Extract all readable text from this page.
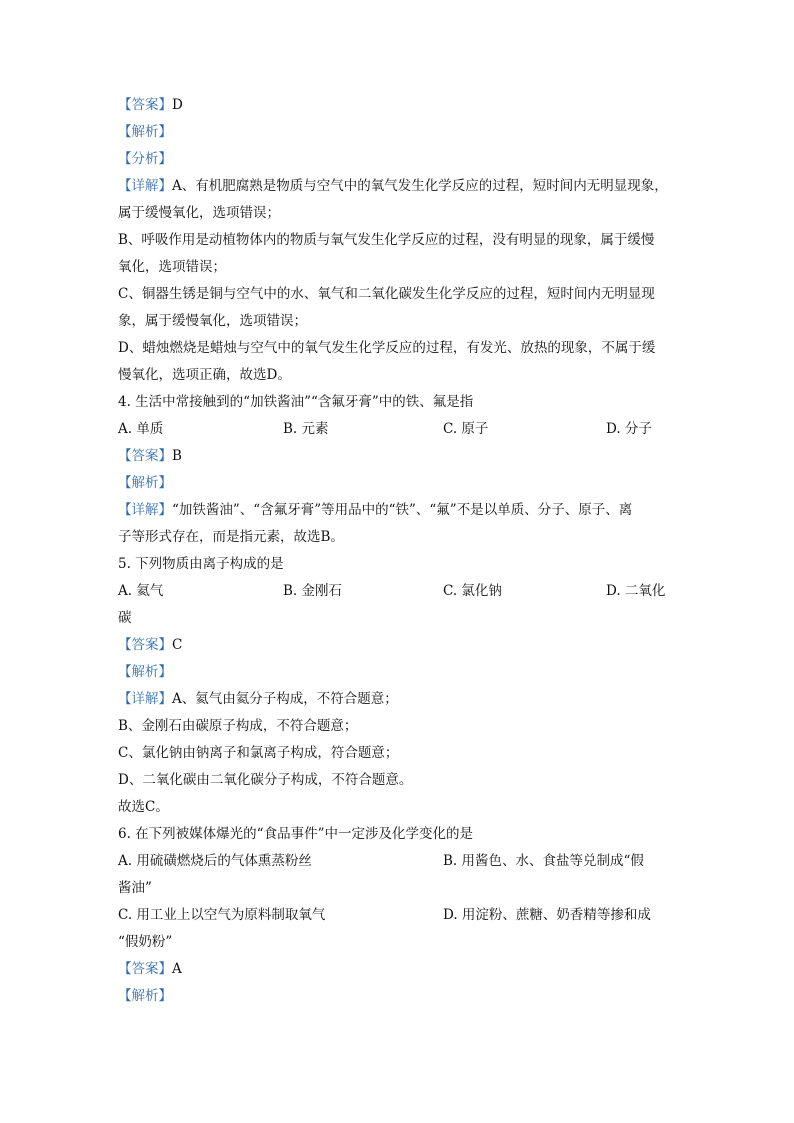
【答案】D
【解析】
【分析】
【详解】A、有机肥腐熟是物质与空气中的氧气发生化学反应的过程，短时间内无明显现象，
属于缓慢氧化，选项错误；
B、呼吸作用是动植物体内的物质与氧气发生化学反应的过程，没有明显的现象，属于缓慢
氧化，选项错误；
C、铜器生锈是铜与空气中的水、氧气和二氧化碳发生化学反应的过程，短时间内无明显现
象，属于缓慢氧化，选项错误；
D、蜡烛燃烧是蜡烛与空气中的氧气发生化学反应的过程，有发光、放热的现象，不属于缓
慢氧化，选项正确，故选D。
4. 生活中常接触到的“加铁酱油”“含氟牙膏”中的铁、氟是指
A. 单质	B. 元素	C. 原子	D. 分子
【答案】B
【解析】
【详解】“加铁酱油”、“含氟牙膏”等用品中的“铁”、“氟”不是以单质、分子、原子、离
子等形式存在，而是指元素，故选B。
5. 下列物质由离子构成的是
A. 氦气	B. 金刚石	C. 氯化钠	D. 二氧化
碳
【答案】C
【解析】
【详解】A、氦气由氦分子构成，不符合题意；
B、金刚石由碳原子构成，不符合题意；
C、氯化钠由钠离子和氯离子构成，符合题意；
D、二氧化碳由二氧化碳分子构成，不符合题意。
故选C。
6. 在下列被媒体爆光的“食品事件”中一定涉及化学变化的是
A. 用硫磺燃烧后的气体熏蒸粉丝	B. 用酱色、水、食盐等兑制成“假
酱油”
C. 用工业上以空气为原料制取氧气	D. 用淀粉、蔗糖、奶香精等掺和成
“假奶粉”
【答案】A
【解析】
